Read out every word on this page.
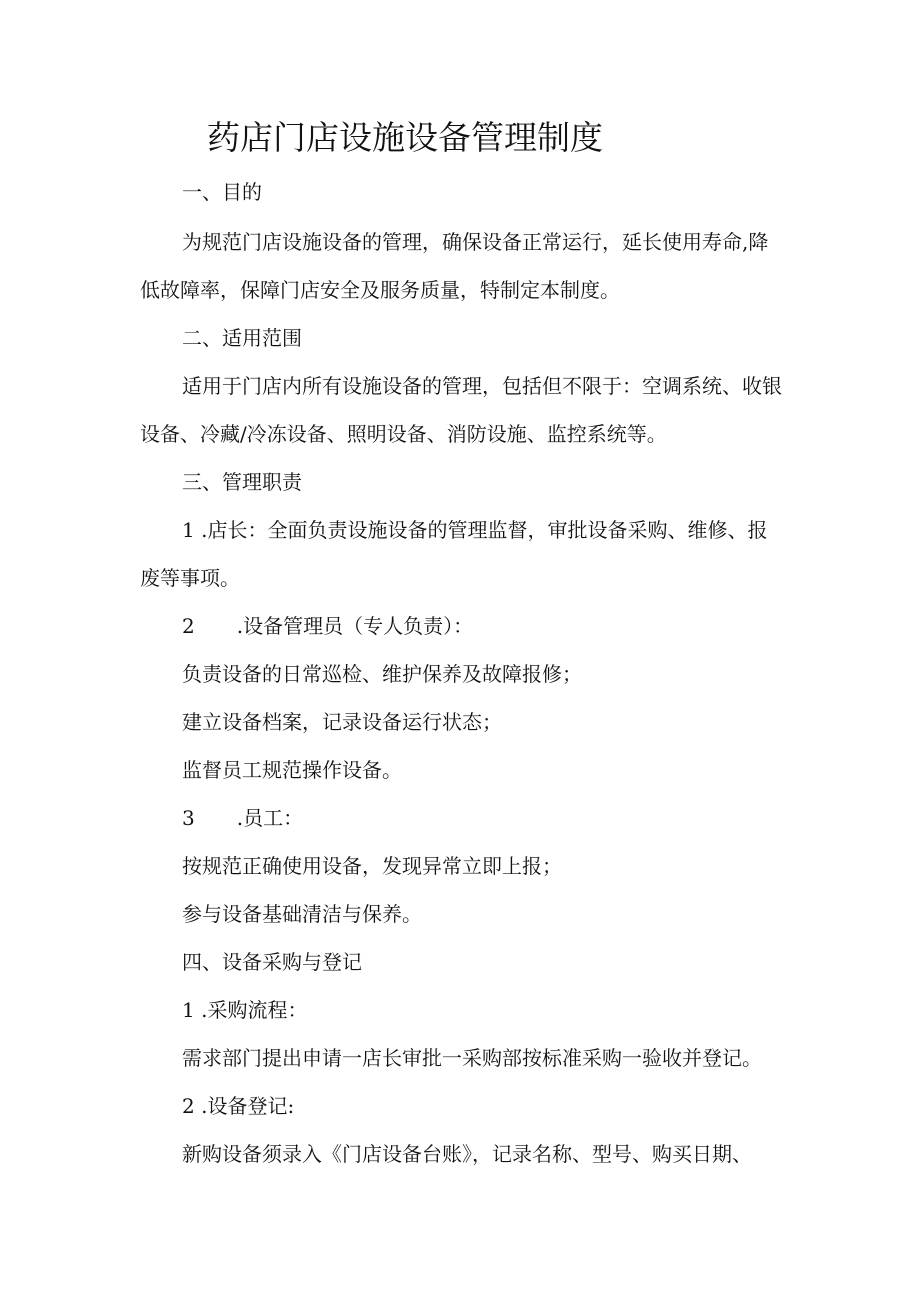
药店门店设施设备管理制度
一、目的
为规范门店设施设备的管理，确保设备正常运行，延长使用寿命,降
低故障率，保障门店安全及服务质量，特制定本制度。
二、适用范围
适用于门店内所有设施设备的管理，包括但不限于：空调系统、收银
设备、冷藏/冷冻设备、照明设备、消防设施、监控系统等。
三、管理职责
1 .店长：全面负责设施设备的管理监督，审批设备采购、维修、报
废等事项。
2 .设备管理员（专人负责）：
负责设备的日常巡检、维护保养及故障报修；
建立设备档案，记录设备运行状态；
监督员工规范操作设备。
3 .员工：
按规范正确使用设备，发现异常立即上报；
参与设备基础清洁与保养。
四、设备采购与登记
1 .采购流程：
需求部门提出申请一店长审批一采购部按标准采购一验收并登记。
2 .设备登记:
新购设备须录入《门店设备台账》，记录名称、型号、购买日期、
